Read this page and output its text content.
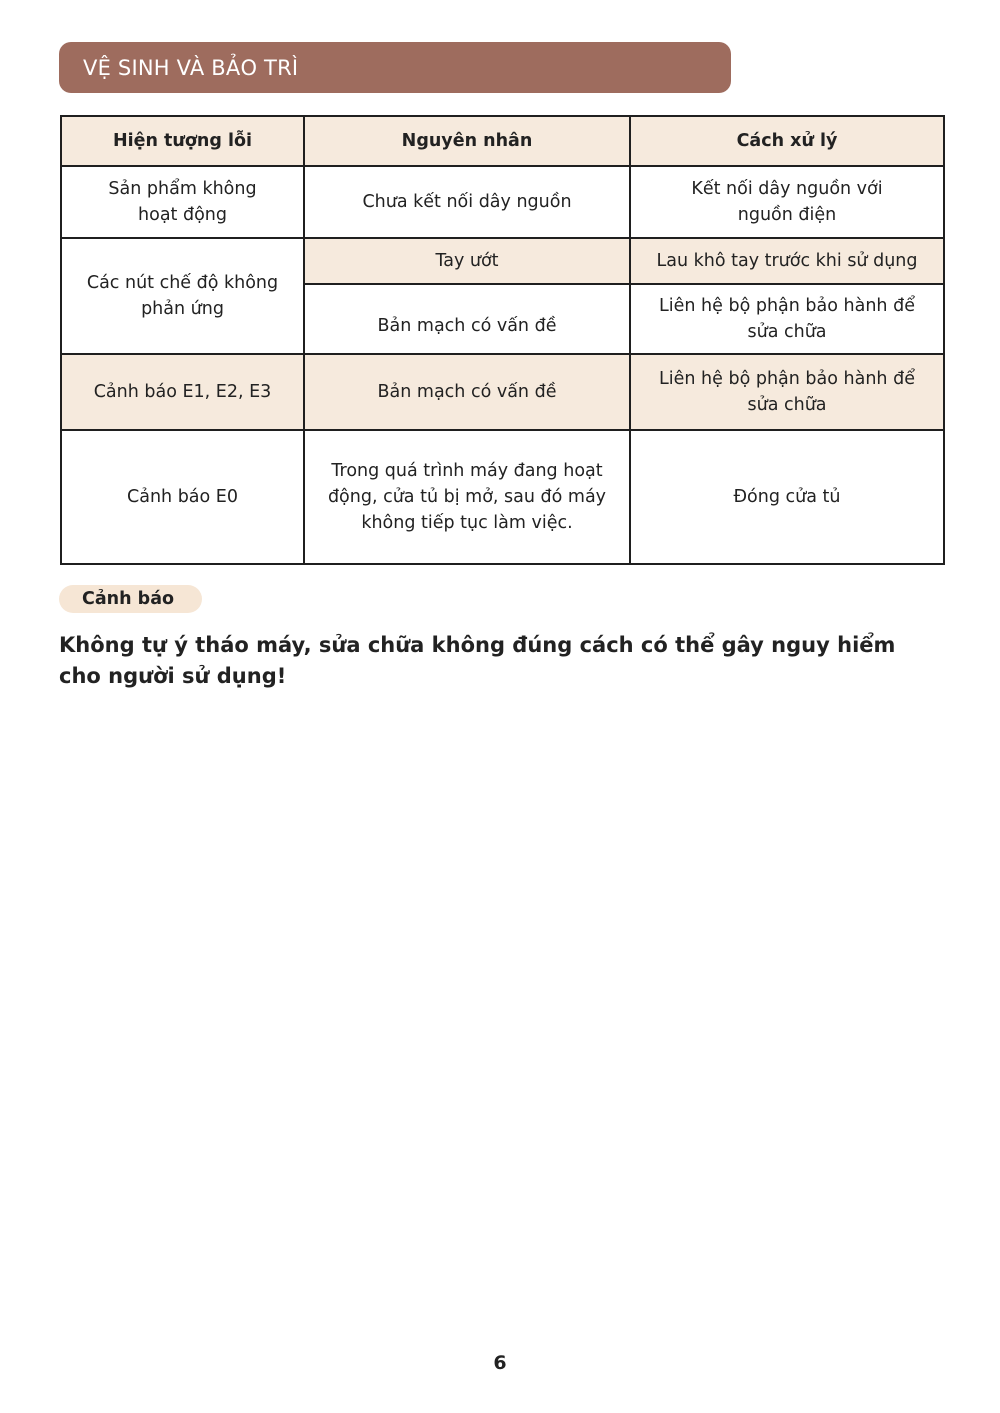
VỆ SINH VÀ BẢO TRÌ
Hiện tượng lỗi	Nguyên nhân	Cách xử lý
Sản phẩm không hoạt động	Chưa kết nối dây nguồn	Kết nối dây nguồn với nguồn điện
Các nút chế độ không phản ứng	Tay ướt	Lau khô tay trước khi sử dụng
	Bản mạch có vấn đề	Liên hệ bộ phận bảo hành để sửa chữa
Cảnh báo E1, E2, E3	Bản mạch có vấn đề	Liên hệ bộ phận bảo hành để sửa chữa
Cảnh báo E0	Trong quá trình máy đang hoạt động, cửa tủ bị mở, sau đó máy không tiếp tục làm việc.	Đóng cửa tủ
Cảnh báo
Không tự ý tháo máy, sửa chữa không đúng cách có thể gây nguy hiểm cho người sử dụng!
6
